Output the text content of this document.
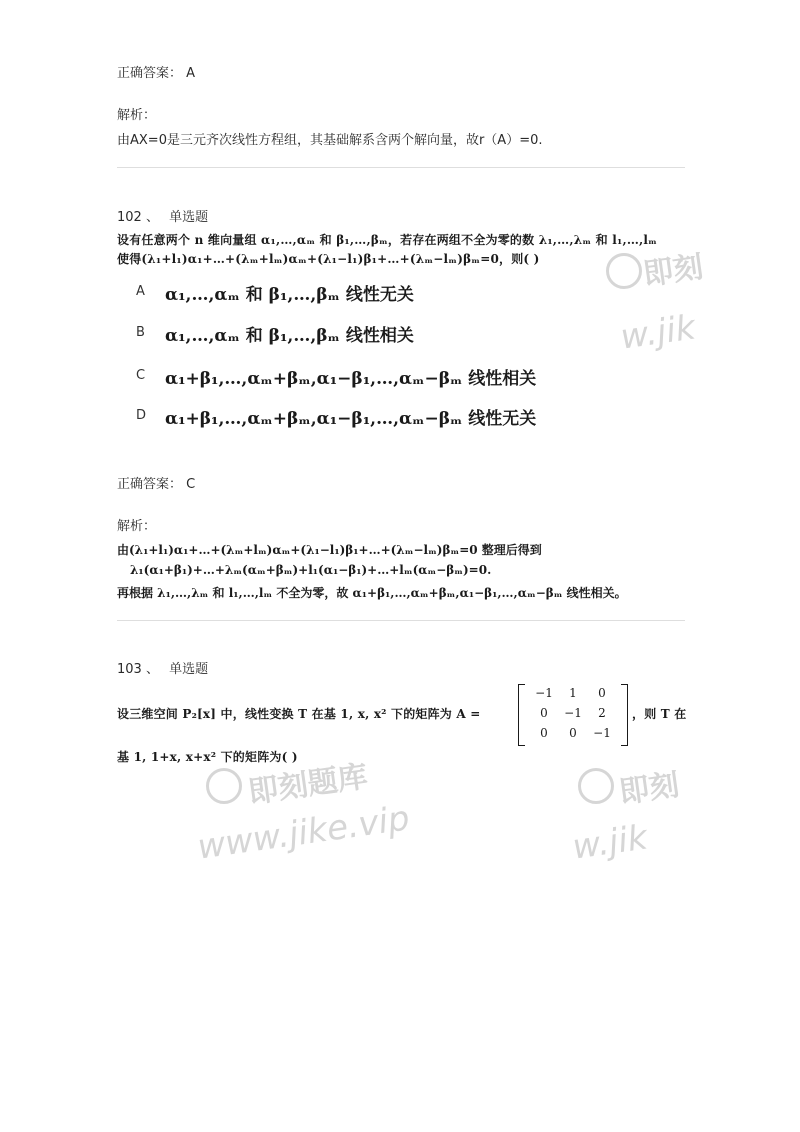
正确答案： A
解析：
由AX=0是三元齐次线性方程组，其基础解系含两个解向量，故r（A）=0.
102 、 单选题
设有任意两个 n 维向量组 α₁,…,αₘ 和 β₁,…,βₘ，若存在两组不全为零的数 λ₁,…,λₘ 和 l₁,…,lₘ
使得(λ₁+l₁)α₁+…+(λₘ+lₘ)αₘ+(λ₁−l₁)β₁+…+(λₘ−lₘ)βₘ=0，则( )
A α₁,…,αₘ 和 β₁,…,βₘ 线性无关
B α₁,…,αₘ 和 β₁,…,βₘ 线性相关
C α₁+β₁,…,αₘ+βₘ,α₁−β₁,…,αₘ−βₘ 线性相关
D α₁+β₁,…,αₘ+βₘ,α₁−β₁,…,αₘ−βₘ 线性无关
正确答案： C
解析：
由(λ₁+l₁)α₁+…+(λₘ+lₘ)αₘ+(λ₁−l₁)β₁+…+(λₘ−lₘ)βₘ=0 整理后得到
λ₁(α₁+β₁)+…+λₘ(αₘ+βₘ)+l₁(α₁−β₁)+…+lₘ(αₘ−βₘ)=0.
再根据 λ₁,…,λₘ 和 l₁,…,lₘ 不全为零，故 α₁+β₁,…,αₘ+βₘ,α₁−β₁,…,αₘ−βₘ 线性相关。
103 、 单选题
设三维空间 P₂[x] 中，线性变换 T 在基 1, x, x² 下的矩阵为 A =
−1	1	0
0	−1	2
0	0	−1
，则 T 在
基 1, 1+x, x+x² 下的矩阵为( )
即刻
w.jik
即刻题库
www.jike.vip
即刻
w.jik
